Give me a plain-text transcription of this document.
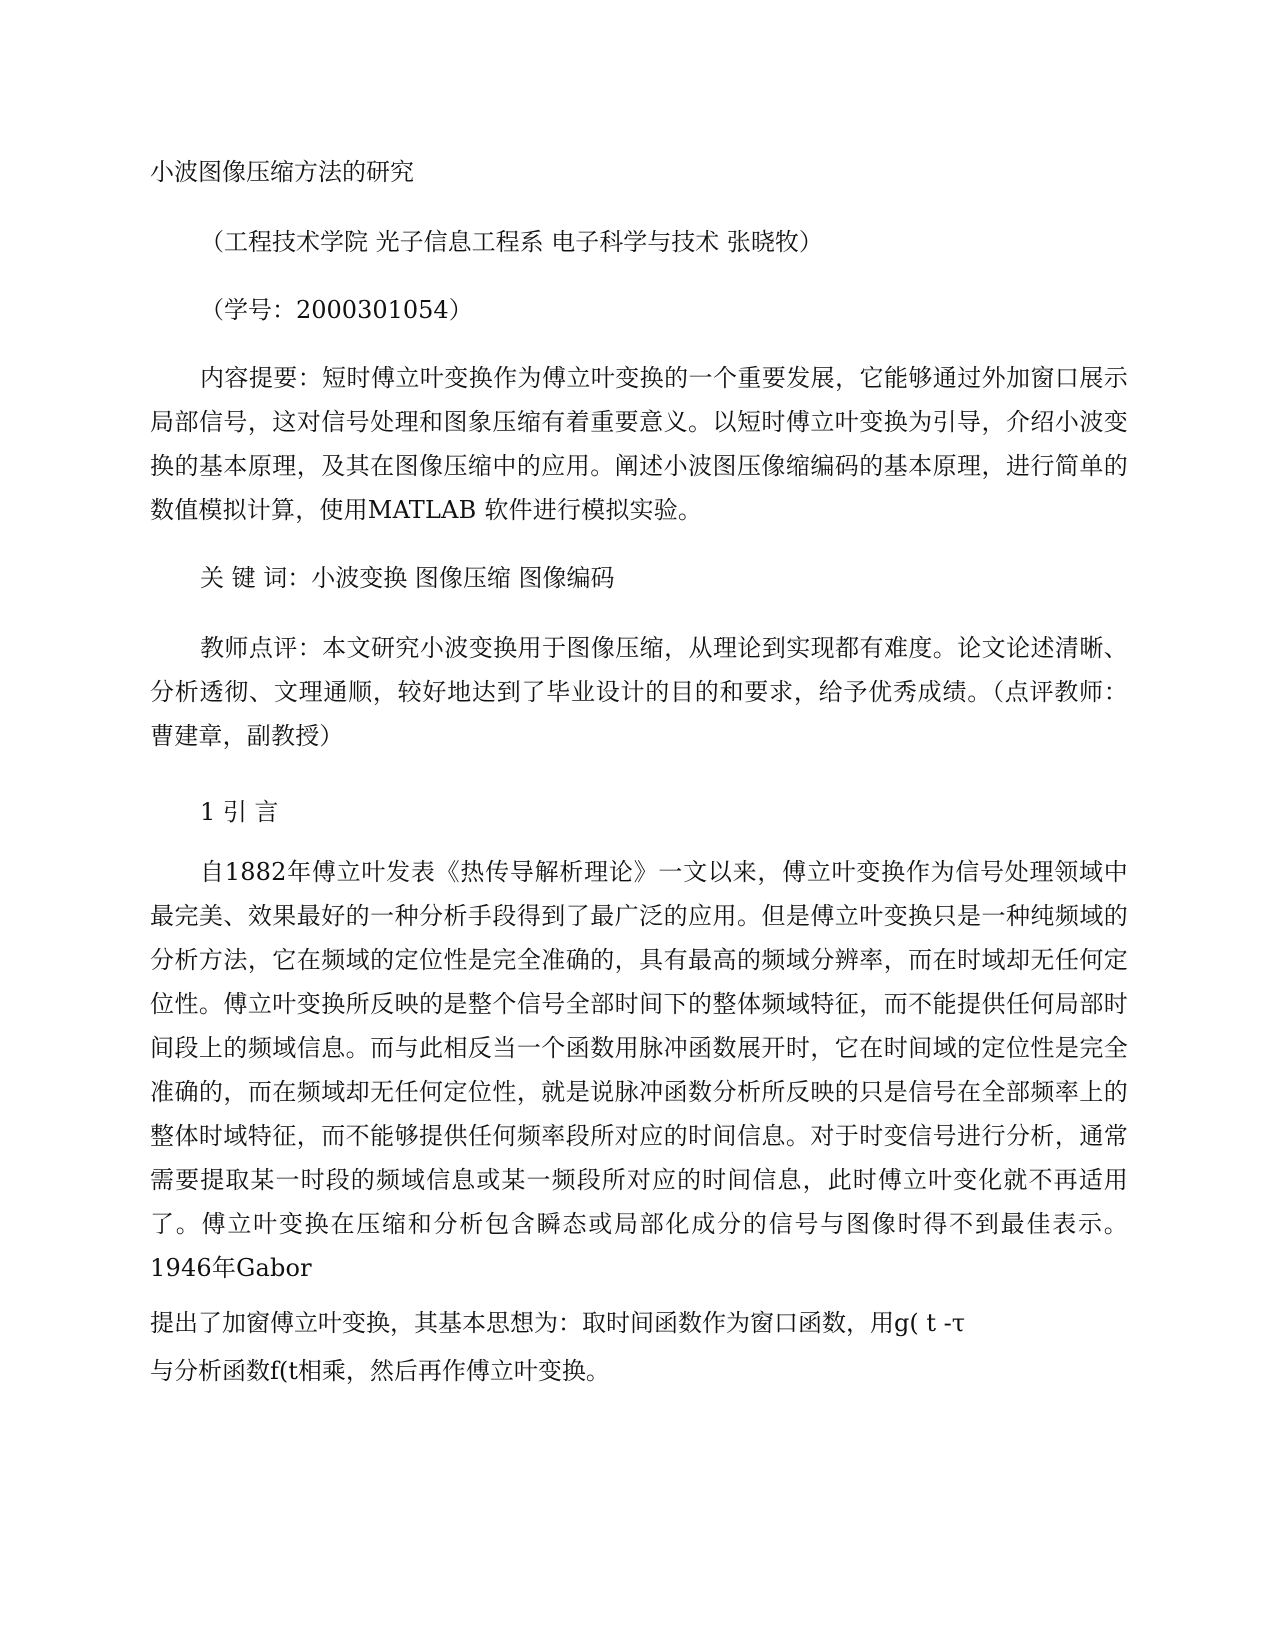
小波图像压缩方法的研究

（工程技术学院 光子信息工程系 电子科学与技术 张晓牧）

（学号：2000301054）

内容提要：短时傅立叶变换作为傅立叶变换的一个重要发展，它能够通过外加窗口展示局部信号，这对信号处理和图象压缩有着重要意义。以短时傅立叶变换为引导，介绍小波变换的基本原理，及其在图像压缩中的应用。阐述小波图压像缩编码的基本原理，进行简单的数值模拟计算，使用MATLAB 软件进行模拟实验。

关 键 词：小波变换 图像压缩 图像编码

教师点评：本文研究小波变换用于图像压缩，从理论到实现都有难度。论文论述清晰、分析透彻、文理通顺，较好地达到了毕业设计的目的和要求，给予优秀成绩。（点评教师：曹建章，副教授）

1 引 言

自1882年傅立叶发表《热传导解析理论》一文以来，傅立叶变换作为信号处理领域中最完美、效果最好的一种分析手段得到了最广泛的应用。但是傅立叶变换只是一种纯频域的分析方法，它在频域的定位性是完全准确的，具有最高的频域分辨率，而在时域却无任何定位性。傅立叶变换所反映的是整个信号全部时间下的整体频域特征，而不能提供任何局部时间段上的频域信息。而与此相反当一个函数用脉冲函数展开时，它在时间域的定位性是完全准确的，而在频域却无任何定位性，就是说脉冲函数分析所反映的只是信号在全部频率上的整体时域特征，而不能够提供任何频率段所对应的时间信息。对于时变信号进行分析，通常需要提取某一时段的频域信息或某一频段所对应的时间信息，此时傅立叶变化就不再适用了。傅立叶变换在压缩和分析包含瞬态或局部化成分的信号与图像时得不到最佳表示。 1946年Gabor

提出了加窗傅立叶变换，其基本思想为：取时间函数作为窗口函数，用g( t -τ

与分析函数f(t相乘，然后再作傅立叶变换。
